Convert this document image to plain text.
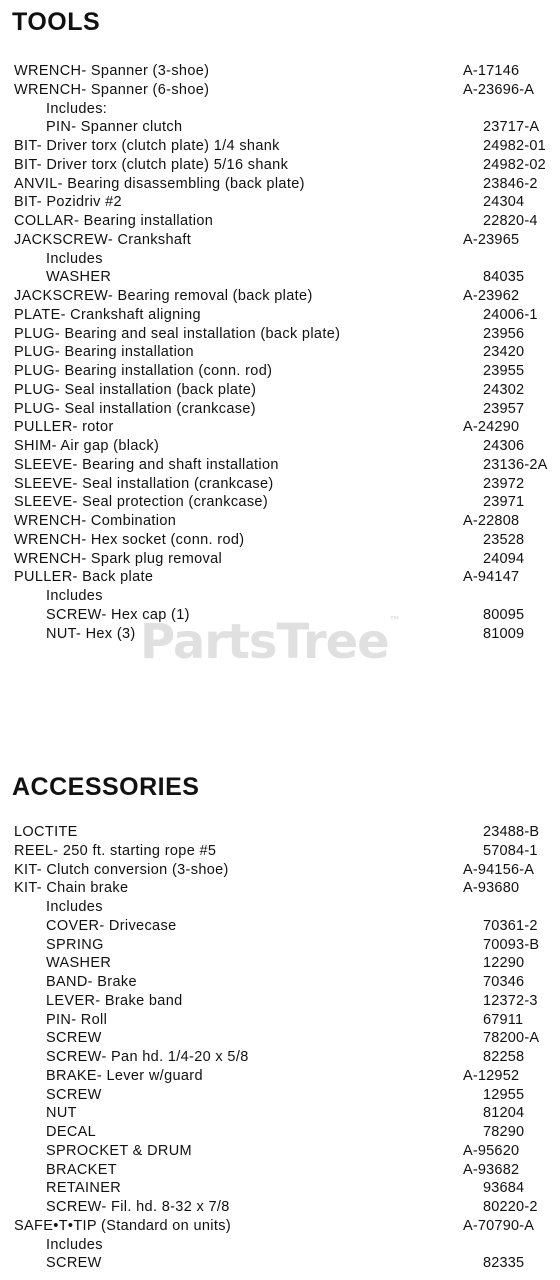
TOOLS
WRENCH- Spanner (3-shoe)	A-17146
WRENCH- Spanner (6-shoe)	A-23696-A
Includes:
PIN- Spanner clutch	23717-A
BIT- Driver torx (clutch plate) 1/4 shank	24982-01
BIT- Driver torx (clutch plate) 5/16 shank	24982-02
ANVIL- Bearing disassembling (back plate)	23846-2
BIT- Pozidriv #2	24304
COLLAR- Bearing installation	22820-4
JACKSCREW- Crankshaft	A-23965
Includes
WASHER	84035
JACKSCREW- Bearing removal (back plate)	A-23962
PLATE- Crankshaft aligning	24006-1
PLUG- Bearing and seal installation (back plate)	23956
PLUG- Bearing installation	23420
PLUG- Bearing installation (conn. rod)	23955
PLUG- Seal installation (back plate)	24302
PLUG- Seal installation (crankcase)	23957
PULLER- rotor	A-24290
SHIM- Air gap (black)	24306
SLEEVE- Bearing and shaft installation	23136-2A
SLEEVE- Seal installation (crankcase)	23972
SLEEVE- Seal protection (crankcase)	23971
WRENCH- Combination	A-22808
WRENCH- Hex socket (conn. rod)	23528
WRENCH- Spark plug removal	24094
PULLER- Back plate	A-94147
Includes
SCREW- Hex cap (1)	80095
NUT- Hex (3)	81009
PartsTree™
ACCESSORIES
LOCTITE	23488-B
REEL- 250 ft. starting rope #5	57084-1
KIT- Clutch conversion (3-shoe)	A-94156-A
KIT- Chain brake	A-93680
Includes
COVER- Drivecase	70361-2
SPRING	70093-B
WASHER	12290
BAND- Brake	70346
LEVER- Brake band	12372-3
PIN- Roll	67911
SCREW	78200-A
SCREW- Pan hd. 1/4-20 x 5/8	82258
BRAKE- Lever w/guard	A-12952
SCREW	12955
NUT	81204
DECAL	78290
SPROCKET & DRUM	A-95620
BRACKET	A-93682
RETAINER	93684
SCREW- Fil. hd. 8-32 x 7/8	80220-2
SAFE•T•TIP (Standard on units)	A-70790-A
Includes
SCREW	82335
